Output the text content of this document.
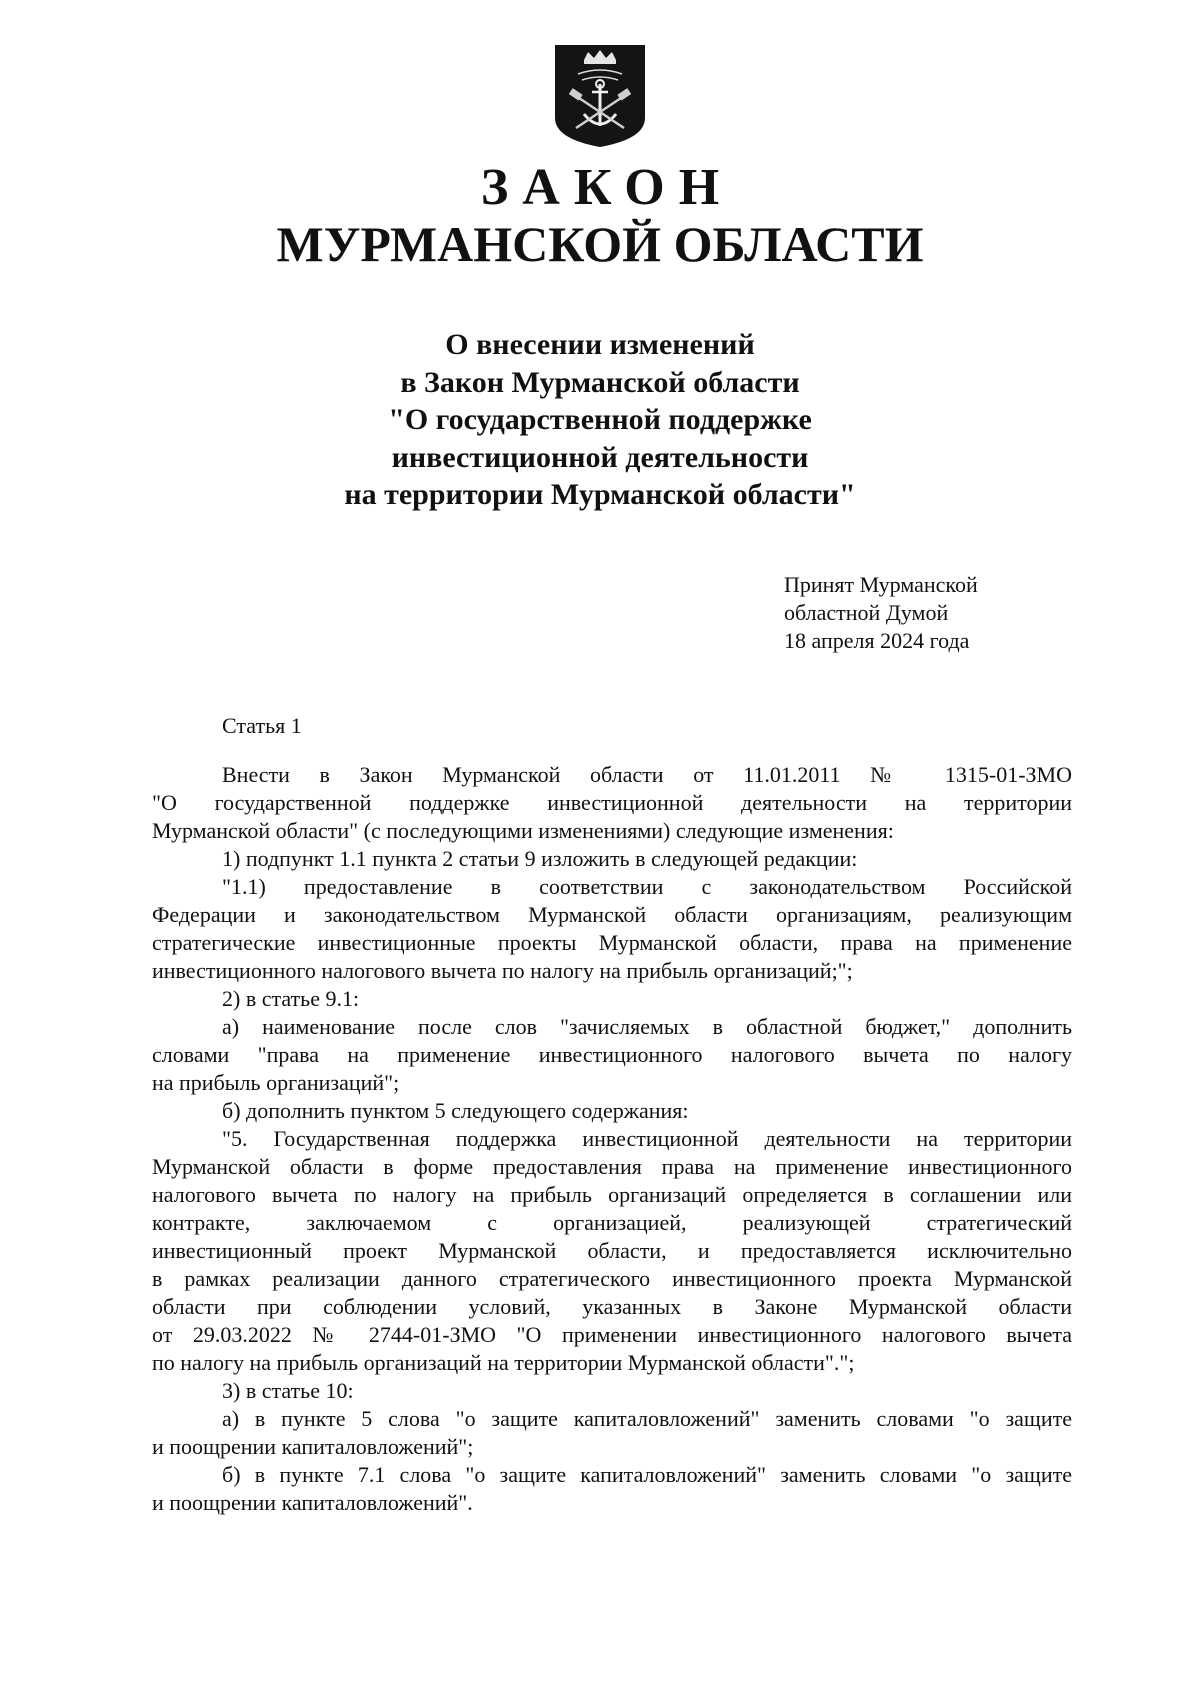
ЗАКОН
МУРМАНСКОЙ ОБЛАСТИ
О внесении изменений
в Закон Мурманской области
"О государственной поддержке
инвестиционной деятельности
на территории Мурманской области"
Принят Мурманской
областной Думой
18 апреля 2024 года
Статья 1
Внести в Закон Мурманской области от 11.01.2011 № 1315-01-ЗМО
"О государственной поддержке инвестиционной деятельности на территории
Мурманской области" (с последующими изменениями) следующие изменения:
1) подпункт 1.1 пункта 2 статьи 9 изложить в следующей редакции:
"1.1) предоставление в соответствии с законодательством Российской
Федерации и законодательством Мурманской области организациям, реализующим
стратегические инвестиционные проекты Мурманской области, права на применение
инвестиционного налогового вычета по налогу на прибыль организаций;";
2) в статье 9.1:
а) наименование после слов "зачисляемых в областной бюджет," дополнить
словами "права на применение инвестиционного налогового вычета по налогу
на прибыль организаций";
б) дополнить пунктом 5 следующего содержания:
"5. Государственная поддержка инвестиционной деятельности на территории
Мурманской области в форме предоставления права на применение инвестиционного
налогового вычета по налогу на прибыль организаций определяется в соглашении или
контракте, заключаемом с организацией, реализующей стратегический
инвестиционный проект Мурманской области, и предоставляется исключительно
в рамках реализации данного стратегического инвестиционного проекта Мурманской
области при соблюдении условий, указанных в Законе Мурманской области
от 29.03.2022 № 2744-01-ЗМО "О применении инвестиционного налогового вычета
по налогу на прибыль организаций на территории Мурманской области".";
3) в статье 10:
а) в пункте 5 слова "о защите капиталовложений" заменить словами "о защите
и поощрении капиталовложений";
б) в пункте 7.1 слова "о защите капиталовложений" заменить словами "о защите
и поощрении капиталовложений".
